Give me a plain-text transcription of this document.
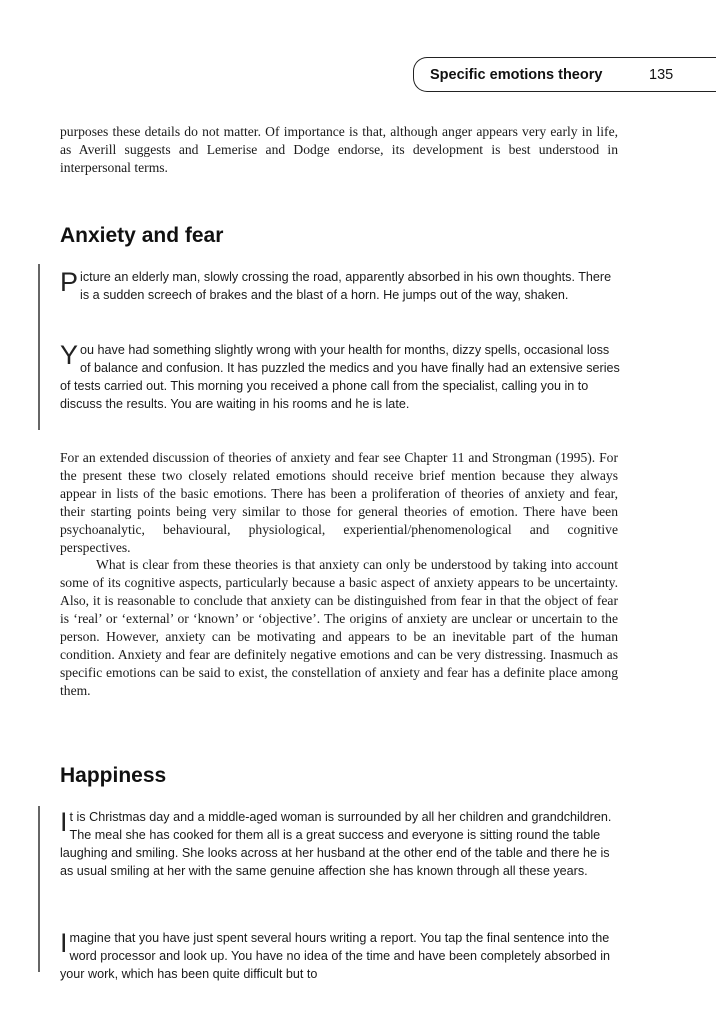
Specific emotions theory	135

purposes these details do not matter. Of importance is that, although anger appears very early in life, as Averill suggests and Lemerise and Dodge endorse, its development is best understood in interpersonal terms.

Anxiety and fear
P icture an elderly man, slowly crossing the road, apparently absorbed in his own thoughts. There is a sudden screech of brakes and the blast of a horn. He jumps out of the way, shaken.
Y ou have had something slightly wrong with your health for months, dizzy spells, occasional loss of balance and confusion. It has puzzled the medics and you have finally had an extensive series of tests carried out. This morning you received a phone call from the specialist, calling you in to discuss the results. You are waiting in his rooms and he is late.

For an extended discussion of theories of anxiety and fear see Chapter 11 and Strongman (1995). For the present these two closely related emotions should receive brief mention because they always appear in lists of the basic emotions. There has been a proliferation of theories of anxiety and fear, their starting points being very similar to those for general theories of emotion. There have been psychoanalytic, behavioural, physiological, experiential/phenomenological and cognitive perspectives.

What is clear from these theories is that anxiety can only be understood by taking into account some of its cognitive aspects, particularly because a basic aspect of anxiety appears to be uncertainty. Also, it is reasonable to conclude that anxiety can be distinguished from fear in that the object of fear is ‘real’ or ‘external’ or ‘known’ or ‘objective’. The origins of anxiety are unclear or uncertain to the person. However, anxiety can be motivating and appears to be an inevitable part of the human condition. Anxiety and fear are definitely negative emotions and can be very distressing. Inasmuch as specific emotions can be said to exist, the constellation of anxiety and fear has a definite place among them.

Happiness
I t is Christmas day and a middle-aged woman is surrounded by all her children and grandchildren. The meal she has cooked for them all is a great success and everyone is sitting round the table laughing and smiling. She looks across at her husband at the other end of the table and there he is as usual smiling at her with the same genuine affection she has known through all these years.
I magine that you have just spent several hours writing a report. You tap the final sentence into the word processor and look up. You have no idea of the time and have been completely absorbed in your work, which has been quite difficult but to
